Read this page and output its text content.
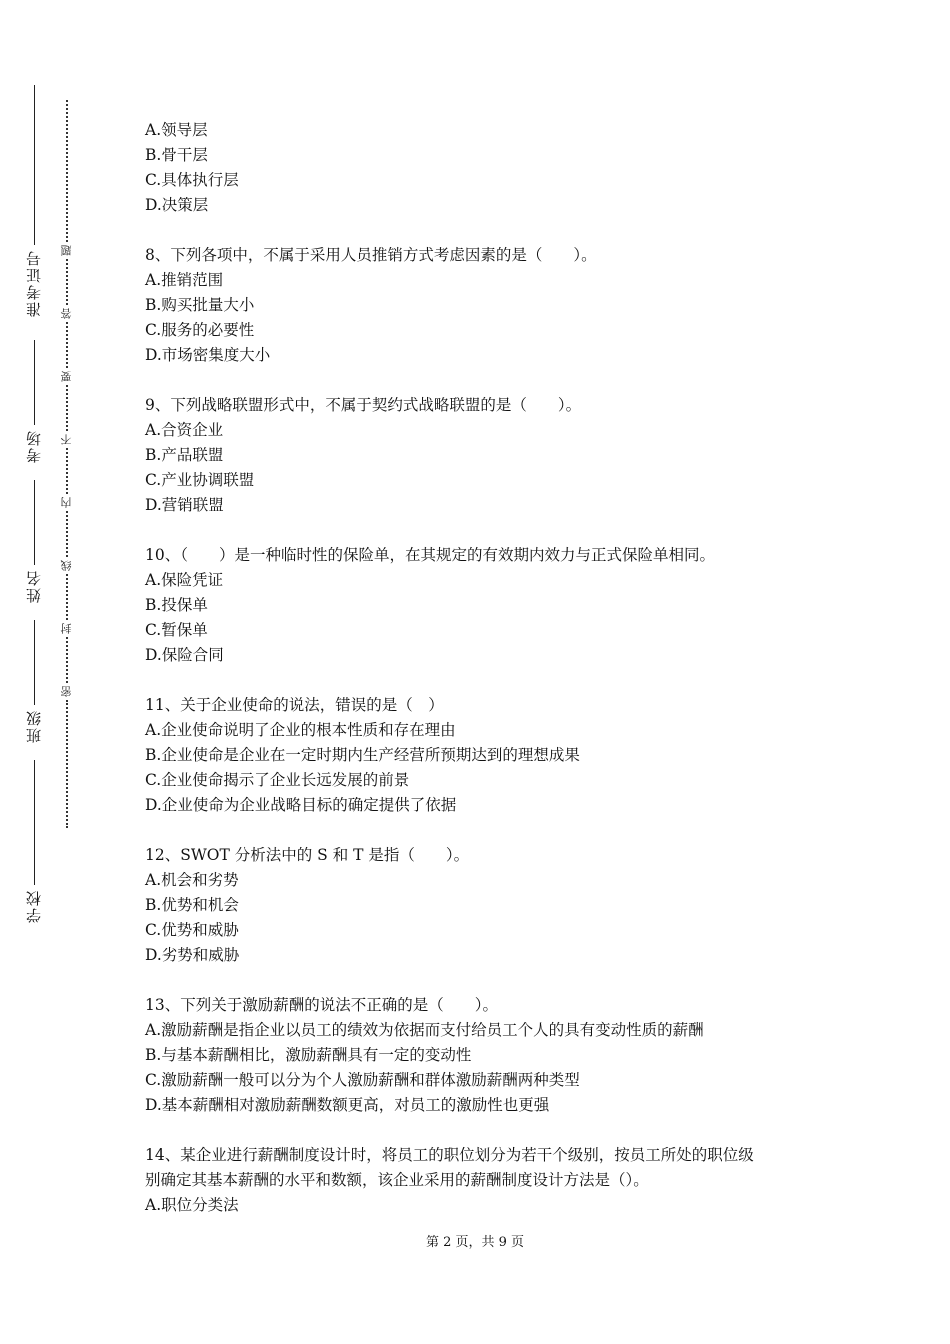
准考证号
考场
姓名
班级
学校
题
答
要
不
内
线
封
密
A.领导层
B.骨干层
C.具体执行层
D.决策层
8、下列各项中，不属于采用人员推销方式考虑因素的是（　　）。
A.推销范围
B.购买批量大小
C.服务的必要性
D.市场密集度大小
9、下列战略联盟形式中，不属于契约式战略联盟的是（　　）。
A.合资企业
B.产品联盟
C.产业协调联盟
D.营销联盟
10、（　　）是一种临时性的保险单，在其规定的有效期内效力与正式保险单相同。
A.保险凭证
B.投保单
C.暂保单
D.保险合同
11、关于企业使命的说法，错误的是（　）
A.企业使命说明了企业的根本性质和存在理由
B.企业使命是企业在一定时期内生产经营所预期达到的理想成果
C.企业使命揭示了企业长远发展的前景
D.企业使命为企业战略目标的确定提供了依据
12、SWOT 分析法中的 S 和 T 是指（　　）。
A.机会和劣势
B.优势和机会
C.优势和威胁
D.劣势和威胁
13、下列关于激励薪酬的说法不正确的是（　　）。
A.激励薪酬是指企业以员工的绩效为依据而支付给员工个人的具有变动性质的薪酬
B.与基本薪酬相比，激励薪酬具有一定的变动性
C.激励薪酬一般可以分为个人激励薪酬和群体激励薪酬两种类型
D.基本薪酬相对激励薪酬数额更高，对员工的激励性也更强
14、某企业进行薪酬制度设计时，将员工的职位划分为若干个级别，按员工所处的职位级
别确定其基本薪酬的水平和数额，该企业采用的薪酬制度设计方法是（）。
A.职位分类法
第 2 页，共 9 页
